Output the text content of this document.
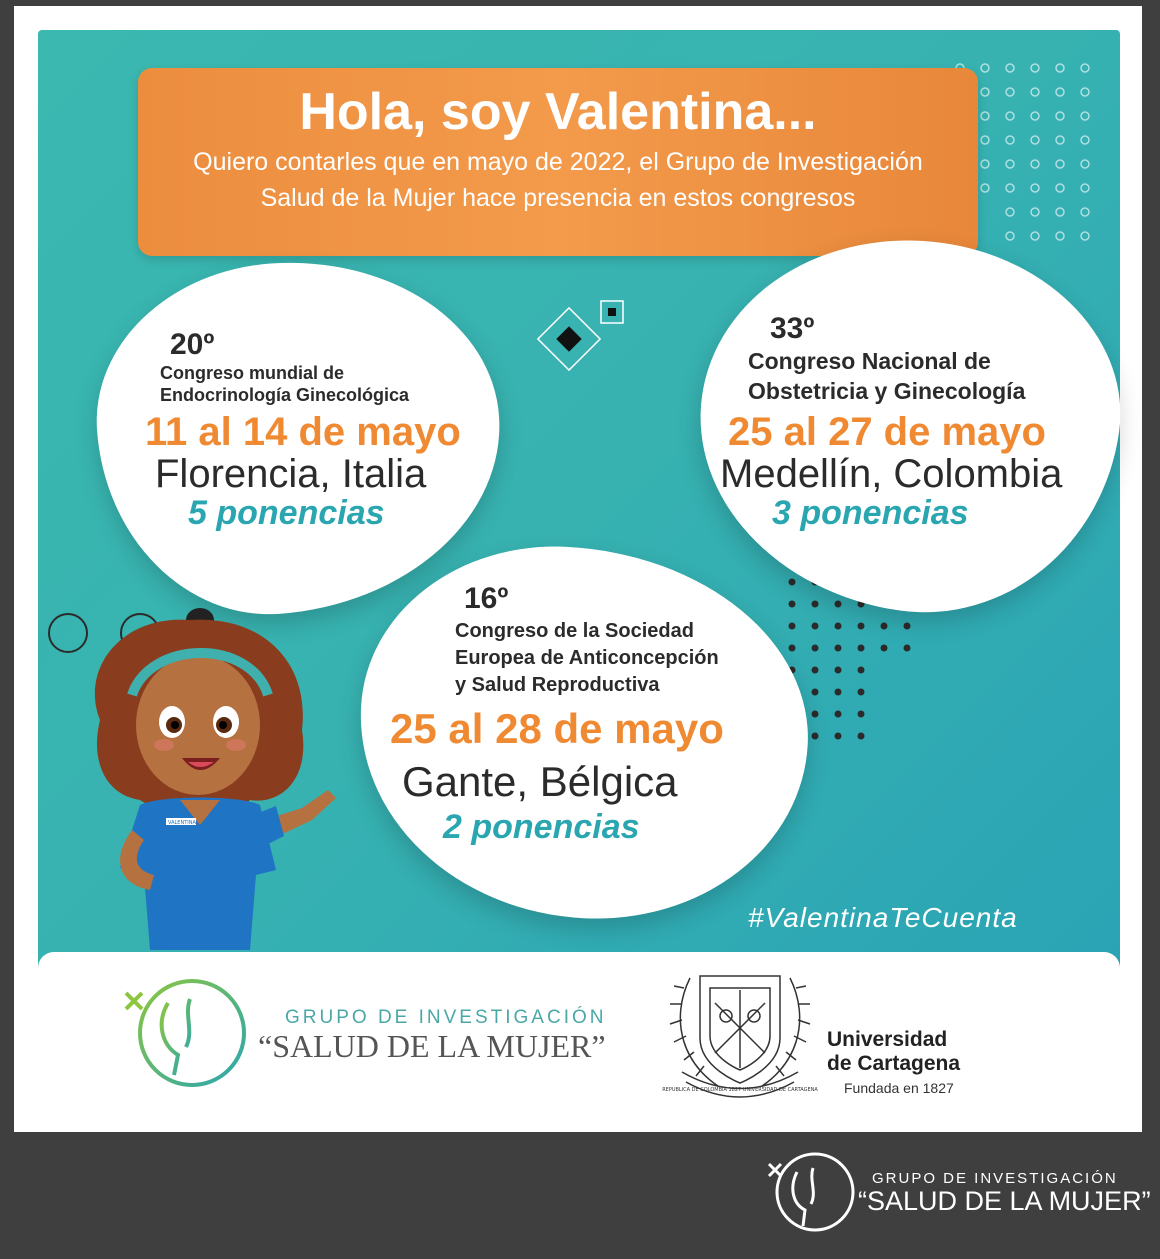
Hola, soy Valentina...

Quiero contarles que en mayo de 2022, el Grupo de Investigación Salud de la Mujer hace presencia en estos congresos

20º
Congreso mundial de
Endocrinología Ginecológica
11 al 14 de mayo
Florencia, Italia
5 ponencias
33º
Congreso Nacional de
Obstetricia y Ginecología
25 al 27 de mayo
Medellín, Colombia
3 ponencias
16º
Congreso de la Sociedad
Europea de Anticoncepción
y Salud Reproductiva
25 al 28 de mayo
Gante, Bélgica
2 ponencias
VALENTINA
#ValentinaTeCuenta
GRUPO DE INVESTIGACIÓN
“SALUD DE LA MUJER”
REPUBLICA DE COLOMBIA 1827 UNIVERSIDAD DE CARTAGENA
Universidad
de Cartagena
Fundada en 1827
GRUPO DE INVESTIGACIÓN
“SALUD DE LA MUJER”
